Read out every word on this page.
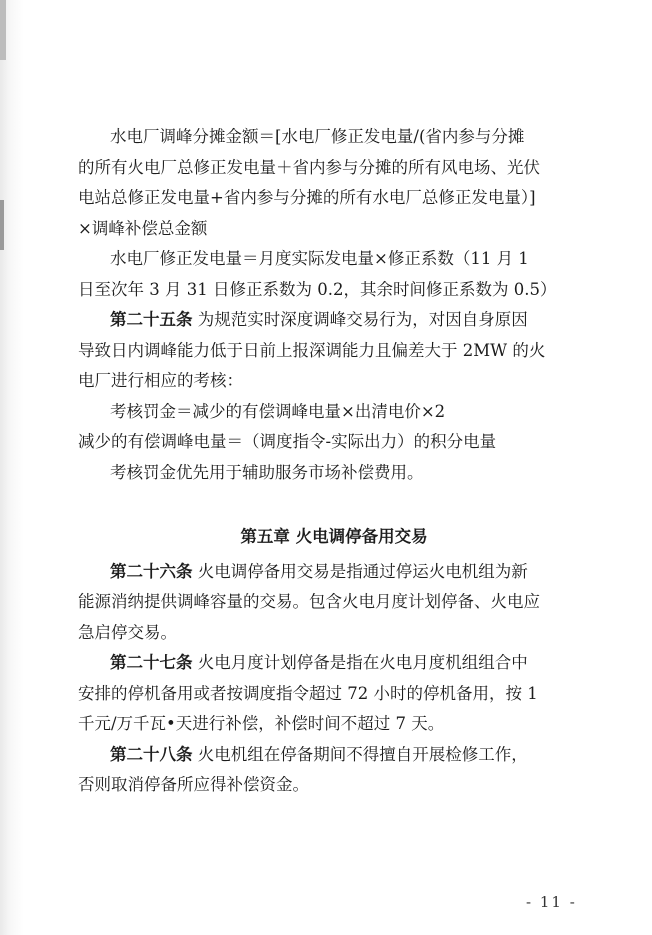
水电厂调峰分摊金额＝[水电厂修正发电量/(省内参与分摊
的所有火电厂总修正发电量＋省内参与分摊的所有风电场、光伏
电站总修正发电量+省内参与分摊的所有水电厂总修正发电量）]
×调峰补偿总金额
水电厂修正发电量＝月度实际发电量×修正系数（11 月 1
日至次年 3 月 31 日修正系数为 0.2，其余时间修正系数为 0.5）
第二十五条 为规范实时深度调峰交易行为，对因自身原因
导致日内调峰能力低于日前上报深调能力且偏差大于 2MW 的火
电厂进行相应的考核：
考核罚金＝减少的有偿调峰电量×出清电价×2
减少的有偿调峰电量＝（调度指令-实际出力）的积分电量
考核罚金优先用于辅助服务市场补偿费用。
第五章 火电调停备用交易
第二十六条 火电调停备用交易是指通过停运火电机组为新
能源消纳提供调峰容量的交易。包含火电月度计划停备、火电应
急启停交易。
第二十七条 火电月度计划停备是指在火电月度机组组合中
安排的停机备用或者按调度指令超过 72 小时的停机备用，按 1
千元/万千瓦•天进行补偿，补偿时间不超过 7 天。
第二十八条 火电机组在停备期间不得擅自开展检修工作，
否则取消停备所应得补偿资金。
- 11 -
